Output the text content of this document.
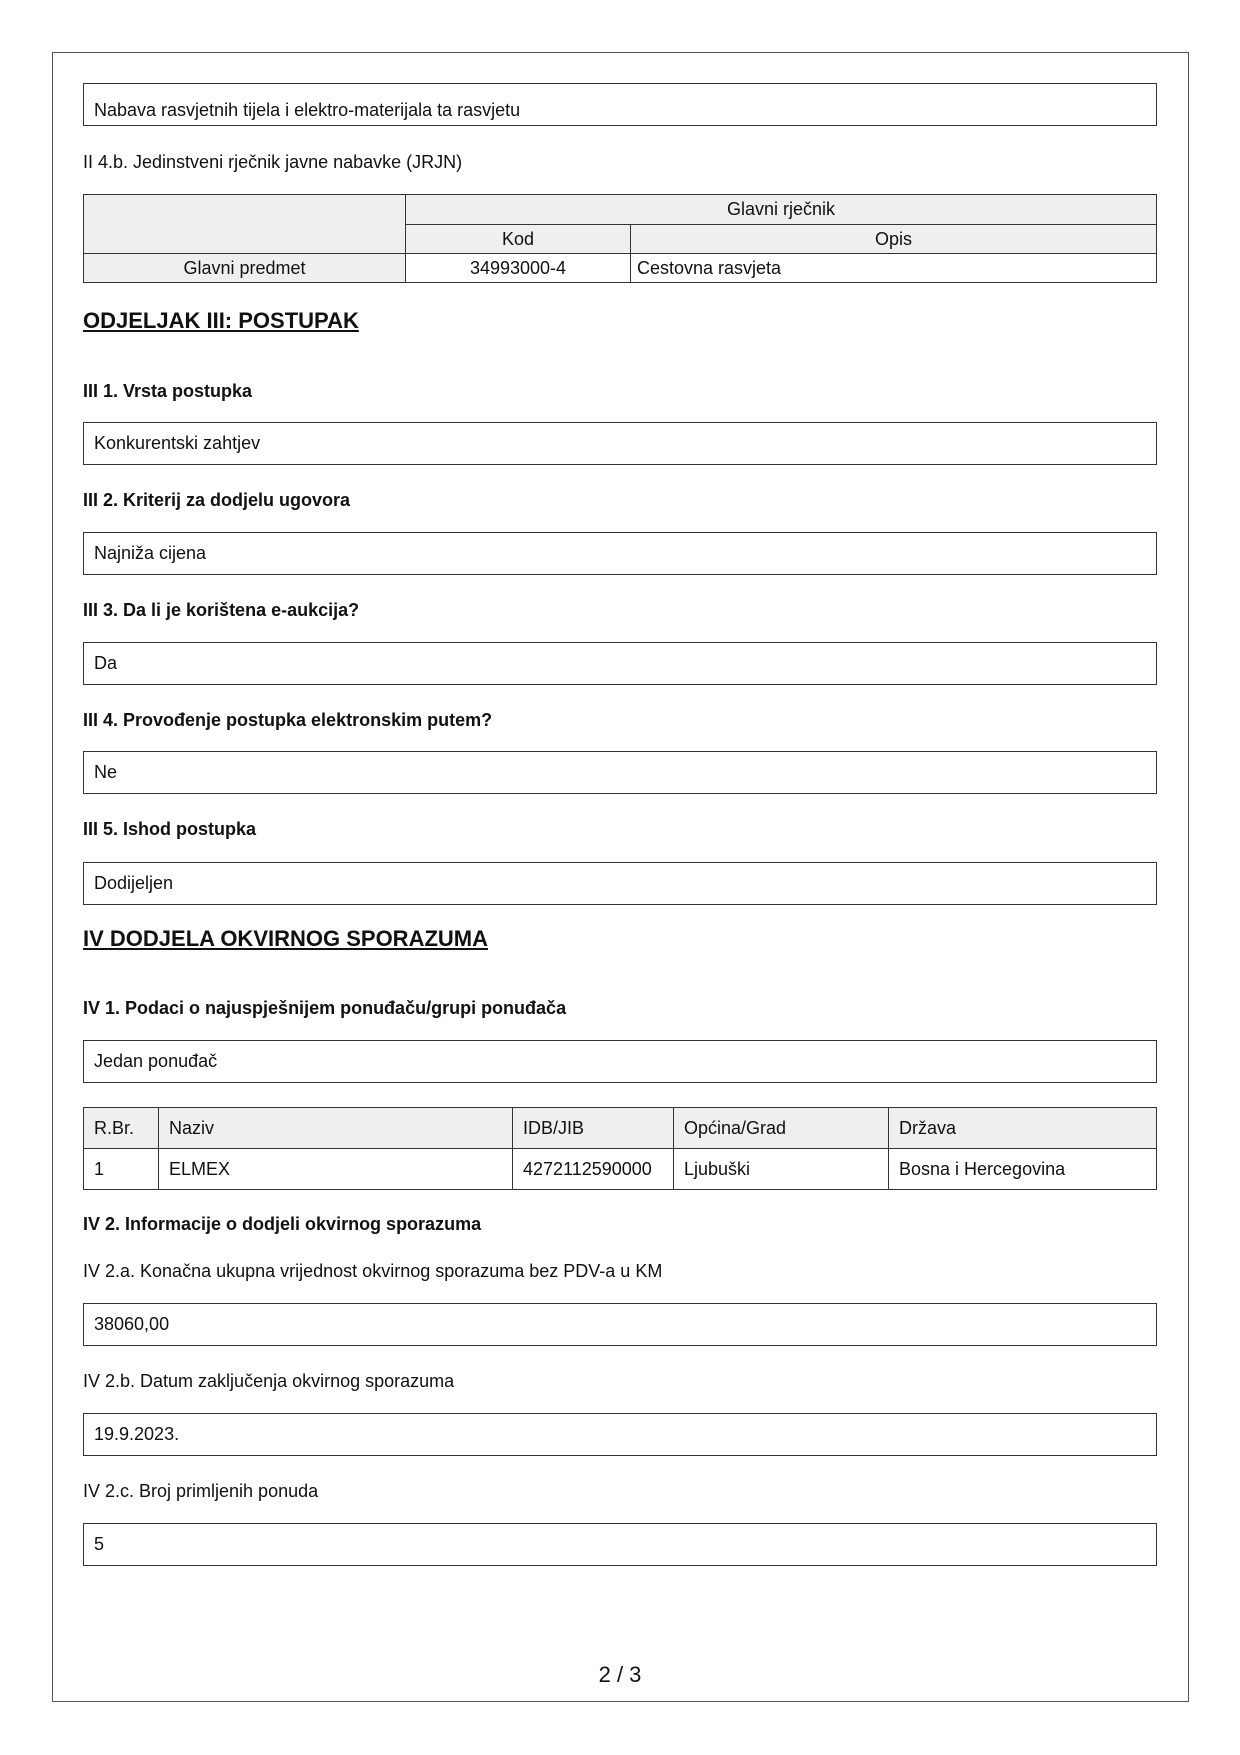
Nabava rasvjetnih tijela i elektro-materijala ta rasvjetu
II 4.b. Jedinstveni rječnik javne nabavke (JRJN)
	Glavni rječnik	
	Kod	Opis
Glavni predmet	34993000-4	Cestovna rasvjeta
ODJELJAK III: POSTUPAK
III 1. Vrsta postupka
Konkurentski zahtjev
III 2. Kriterij za dodjelu ugovora
Najniža cijena
III 3. Da li je korištena e-aukcija?
Da
III 4. Provođenje postupka elektronskim putem?
Ne
III 5. Ishod postupka
Dodijeljen
IV DODJELA OKVIRNOG SPORAZUMA
IV 1. Podaci o najuspješnijem ponuđaču/grupi ponuđača
Jedan ponuđač
R.Br.	Naziv	IDB/JIB	Općina/Grad	Država
1	ELMEX	4272112590000	Ljubuški	Bosna i Hercegovina
IV 2. Informacije o dodjeli okvirnog sporazuma
IV 2.a. Konačna ukupna vrijednost okvirnog sporazuma bez PDV-a u KM
38060,00
IV 2.b. Datum zaključenja okvirnog sporazuma
19.9.2023.
IV 2.c. Broj primljenih ponuda
5
2 / 3
